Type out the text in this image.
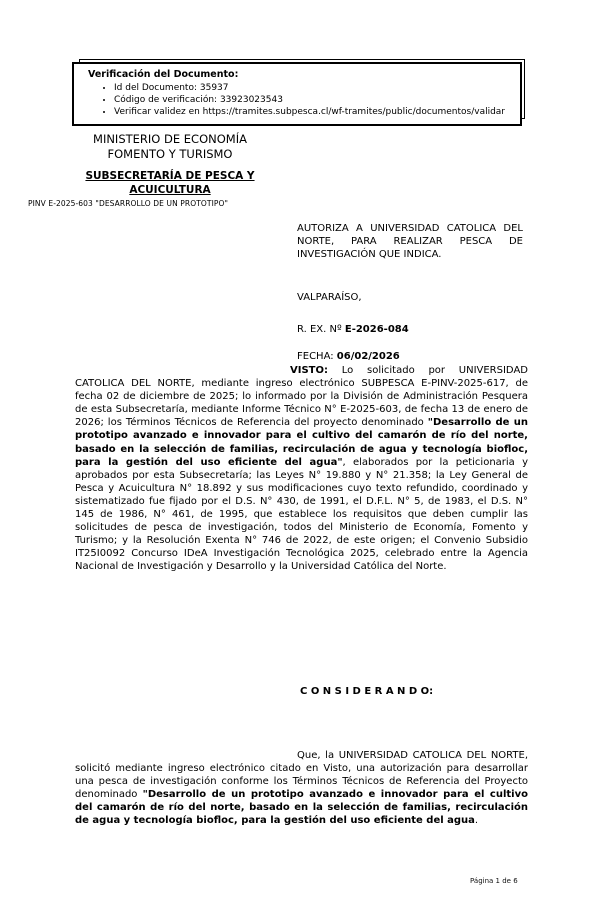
Verificación del Documento:
• Id del Documento: 35937
• Código de verificación: 33923023543
• Verificar validez en https://tramites.subpesca.cl/wf-tramites/public/documentos/validar
MINISTERIO DE ECONOMÍA
FOMENTO Y TURISMO
SUBSECRETARÍA DE PESCA Y ACUICULTURA
PINV E-2025-603 "DESARROLLO DE UN PROTOTIPO"
AUTORIZA A UNIVERSIDAD CATOLICA DEL NORTE, PARA REALIZAR PESCA DE INVESTIGACIÓN QUE INDICA.
VALPARAÍSO,
R. EX. Nº E-2026-084
FECHA: 06/02/2026

VISTO: Lo solicitado por UNIVERSIDAD CATOLICA DEL NORTE, mediante ingreso electrónico SUBPESCA E-PINV-2025-617, de fecha 02 de diciembre de 2025; lo informado por la División de Administración Pesquera de esta Subsecretaría, mediante Informe Técnico N° E-2025-603, de fecha 13 de enero de 2026; los Términos Técnicos de Referencia del proyecto denominado "Desarrollo de un prototipo avanzado e innovador para el cultivo del camarón de río del norte, basado en la selección de familias, recirculación de agua y tecnología biofloc, para la gestión del uso eficiente del agua", elaborados por la peticionaria y aprobados por esta Subsecretaría; las Leyes N° 19.880 y N° 21.358; la Ley General de Pesca y Acuicultura N° 18.892 y sus modificaciones cuyo texto refundido, coordinado y sistematizado fue fijado por el D.S. N° 430, de 1991, el D.F.L. N° 5, de 1983, el D.S. N° 145 de 1986, N° 461, de 1995, que establece los requisitos que deben cumplir las solicitudes de pesca de investigación, todos del Ministerio de Economía, Fomento y Turismo; y la Resolución Exenta N° 746 de 2022, de este origen; el Convenio Subsidio IT25I0092 Concurso IDeA Investigación Tecnológica 2025, celebrado entre la Agencia Nacional de Investigación y Desarrollo y la Universidad Católica del Norte.

C O N S I D E R A N D O:

Que, la UNIVERSIDAD CATOLICA DEL NORTE, solicitó mediante ingreso electrónico citado en Visto, una autorización para desarrollar una pesca de investigación conforme los Términos Técnicos de Referencia del Proyecto denominado "Desarrollo de un prototipo avanzado e innovador para el cultivo del camarón de río del norte, basado en la selección de familias, recirculación de agua y tecnología biofloc, para la gestión del uso eficiente del agua.

Página 1 de 6
